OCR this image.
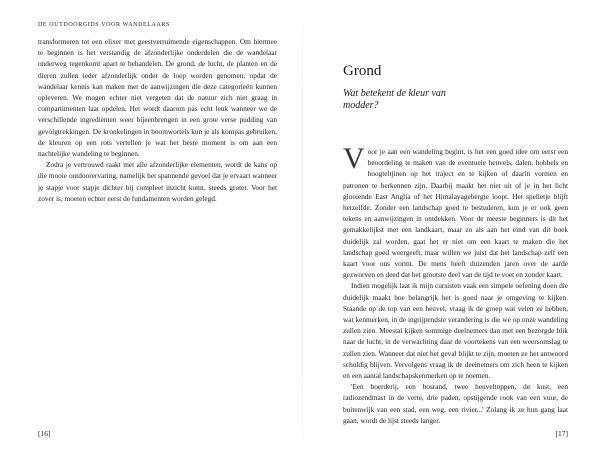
DE OUTDOORGIDS VOOR WANDELAARS

transformeren tot een elixer met geestverruimende eigenschappen. Om hiermee te beginnen is het verstandig de afzonderlijke onderdelen die de wandelaar onderweg tegenkomt apart te behandelen. De grond, de lucht, de planten en de dieren zullen ieder afzonderlijk onder de loep worden genomen, opdat de wandelaar kennis kan maken met de aanwijzingen die deze categorieën kunnen opleveren. We mogen echter niet vergeten dat de natuur zich niet graag in compartimenten laat opdelen. Het wordt daarom pas echt leuk wanneer we de verschillende ingrediënten weer bijeenbrengen in een grote verse pudding van gevolgtrekkingen. De kronkelingen in boomwortels kun je als kompas gebruiken, de kleuren op een rots vertellen je wat het beste moment is om aan een nachtelijke wandeling te beginnen.

Zodra je vertrouwd raakt met alle afzonderlijke elementen, wordt de kans op die mooie outdoorervaring, namelijk het spannende gevoel dat je ervaart wanneer je stapje voor stapje dichter bij compleet inzicht komt, steeds groter. Voor het zover is, moeten echter eerst de fundamenten worden gelegd.

[16]
Grond
Wat betekent de kleur van modder?

Voor je aan een wandeling begint, is het een goed idee om eerst een beoordeling te maken van de eventuele heuvels, dalen, hobbels en hoogteltjinen op het traject en te kijken of daarin vormen en patronen te herkennen zijn. Daarbij maakt het niet uit of je in het licht glooiende East Anglia of het Himalayagebergte loopt. Het spelletje blijft hetzelfde. Zonder een landschap goed te bestuderen, kun je er ook geen tekens en aanwijzingen in ontdekken. Voor de meeste beginners is dit het gemakkelijkst met een landkaart, maar zo als aan het eind van dit boek duidelijk zal worden, gaat het er niet om een kaart te maken die het landschap goed weergeeft, maar willen we juist dat het landschap zelf een kaart voor ons vormt. De mens heeft duizenden jaren over de aarde gezworven en deed dat het grootste deel van de tijd te voet en zonder kaart.

Indien mogelijk laat ik mijn cursisten vaak een simpele oefening doen die duidelijk maakt hoe belangrijk het is goed naar je omgeving te kijken. Staande op de top van een heuvel, vraag ik de groep wat velen ze hebben, wat kenmerken, in de ingrijpendste verandering is die we op onze wandeling zullen zien. Meestal kijken sommige deelnemers dan met een bezorgde blik naar de lucht, in de verwachting daar de voortekens van een weersomslag te zullen zien. Wanneer dat niet het geval blijkt te zijn, moeten ze het antwoord schuldig blijven. Vervolgens vraag ik de deelnemers om zich heen te kijken en een aantal landschapskenmerken op te noemen.

'Een boerderij, een bosrand, twee heuveltoppen, de kust, een radiozendmast in de verte, drie paden, opstijgende rook van een vuur, de buitenwijk van een stad, een weg, een rivier...' Zolang ik ze hun gang laat gaan, wordt de lijst steeds langer.

[17]
